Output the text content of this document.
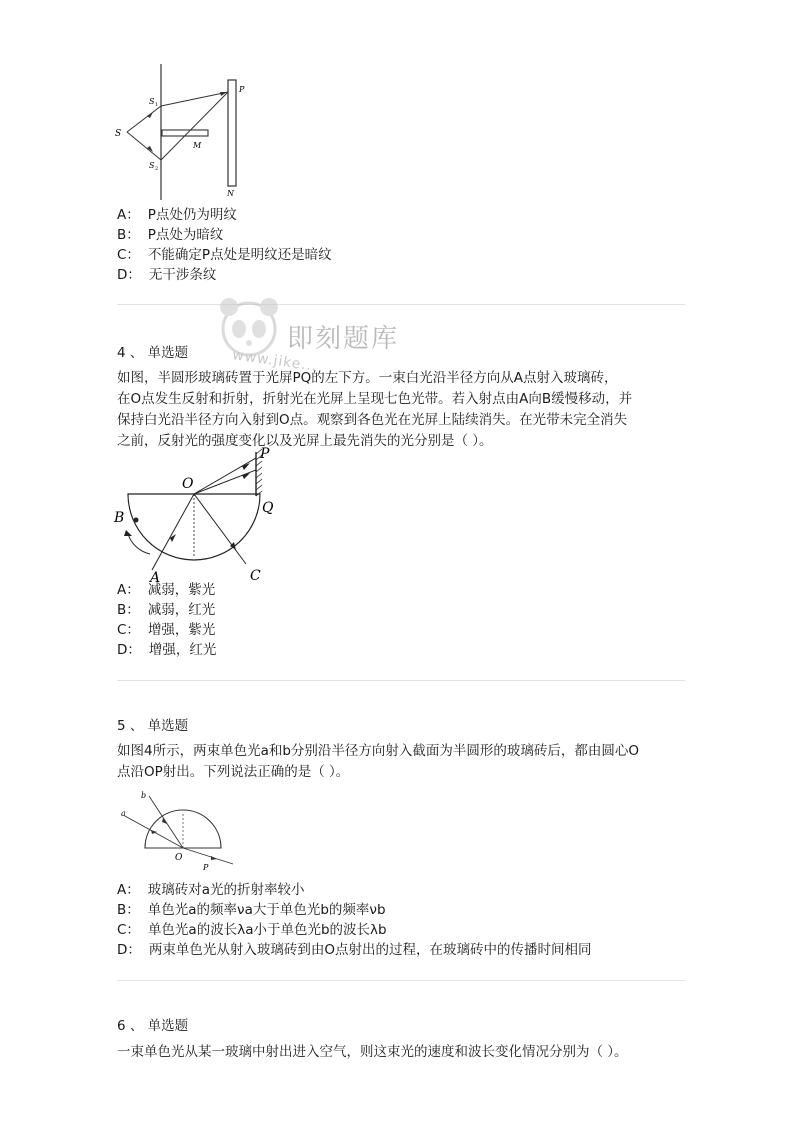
S
S 1
S 2
M
P
N
A： P点处仍为明纹
B： P点处为暗纹
C： 不能确定P点处是明纹还是暗纹
D： 无干涉条纹
即刻题库
www.jike...
4 、 单选题
如图，半圆形玻璃砖置于光屏PQ的左下方。一束白光沿半径方向从A点射入玻璃砖，
在O点发生反射和折射，折射光在光屏上呈现七色光带。若入射点由A向B缓慢移动，并
保持白光沿半径方向入射到O点。观察到各色光在光屏上陆续消失。在光带未完全消失
之前，反射光的强度变化以及光屏上最先消失的光分别是（ ）。
O
P
Q
B
A	C
A： 减弱，紫光
B： 减弱，红光
C： 增强，紫光
D： 增强，红光
5 、 单选题
如图4所示，两束单色光a和b分别沿半径方向射入截面为半圆形的玻璃砖后，都由圆心O
点沿OP射出。下列说法正确的是（ ）。
a
b
O
P
A： 玻璃砖对a光的折射率较小
B： 单色光a的频率νa大于单色光b的频率νb
C： 单色光a的波长λa小于单色光b的波长λb
D： 两束单色光从射入玻璃砖到由O点射出的过程，在玻璃砖中的传播时间相同
6 、 单选题
一束单色光从某一玻璃中射出进入空气，则这束光的速度和波长变化情况分别为（ ）。
